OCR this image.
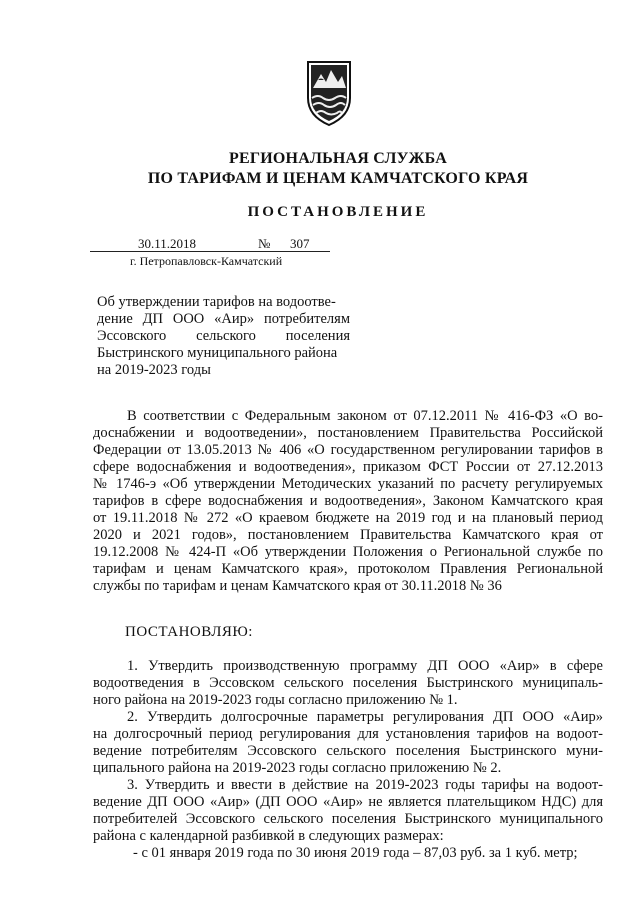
РЕГИОНАЛЬНАЯ СЛУЖБА
ПО ТАРИФАМ И ЦЕНАМ КАМЧАТСКОГО КРАЯ
ПОСТАНОВЛЕНИЕ
30.11.2018	№ 307
г. Петропавловск-Камчатский
Об утверждении тарифов на водоотве-
дение ДП ООО «Аир» потребителям
Эссовского сельского поселения
Быстринского муниципального района
на 2019-2023 годы
В соответствии с Федеральным законом от 07.12.2011 № 416-ФЗ «О во-
доснабжении и водоотведении», постановлением Правительства Российской
Федерации от 13.05.2013 № 406 «О государственном регулировании тарифов в
сфере водоснабжения и водоотведения», приказом ФСТ России от 27.12.2013
№ 1746-э «Об утверждении Методических указаний по расчету регулируемых
тарифов в сфере водоснабжения и водоотведения», Законом Камчатского края
от 19.11.2018 № 272 «О краевом бюджете на 2019 год и на плановый период
2020 и 2021 годов», постановлением Правительства Камчатского края от
19.12.2008 № 424-П «Об утверждении Положения о Региональной службе по
тарифам и ценам Камчатского края», протоколом Правления Региональной
службы по тарифам и ценам Камчатского края от 30.11.2018 № 36
ПОСТАНОВЛЯЮ:
1. Утвердить производственную программу ДП ООО «Аир» в сфере
водоотведения в Эссовском сельского поселения Быстринского муниципаль-
ного района на 2019-2023 годы согласно приложению № 1.
2. Утвердить долгосрочные параметры регулирования ДП ООО «Аир»
на долгосрочный период регулирования для установления тарифов на водоот-
ведение потребителям Эссовского сельского поселения Быстринского муни-
ципального района на 2019-2023 годы согласно приложению № 2.
3. Утвердить и ввести в действие на 2019-2023 годы тарифы на водоот-
ведение ДП ООО «Аир» (ДП ООО «Аир» не является плательщиком НДС) для
потребителей Эссовского сельского поселения Быстринского муниципального
района с календарной разбивкой в следующих размерах:
- с 01 января 2019 года по 30 июня 2019 года – 87,03 руб. за 1 куб. метр;
